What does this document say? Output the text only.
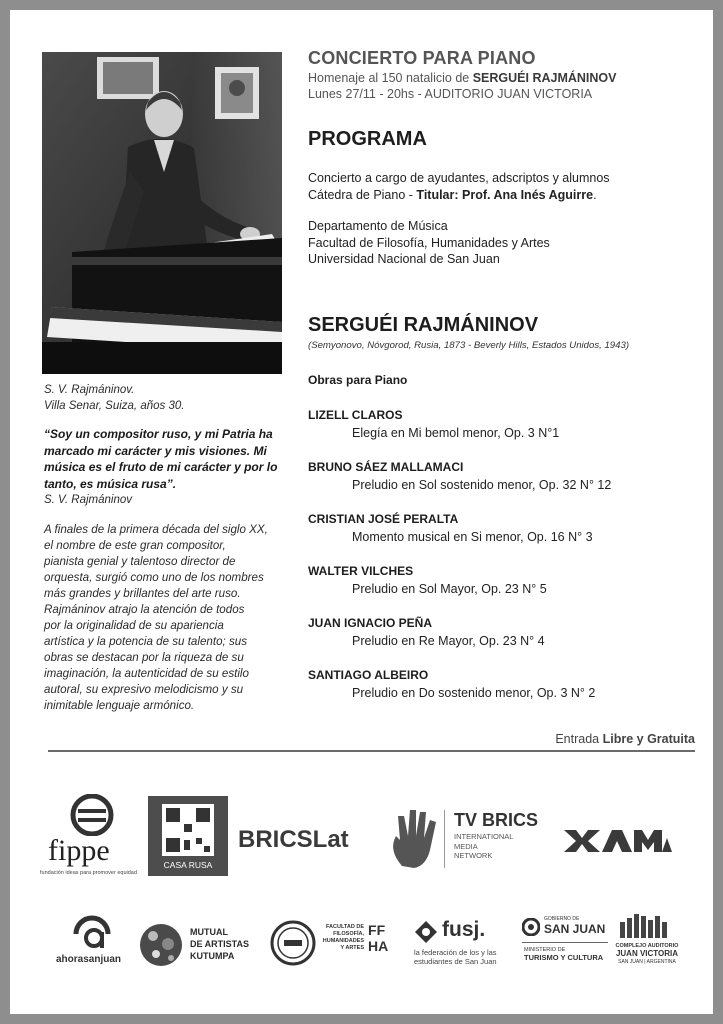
S. V. Rajmáninov.
Villa Senar, Suiza, años 30.
“Soy un compositor ruso, y mi Patria ha
marcado mi carácter y mis visiones. Mi
música es el fruto de mi carácter y por lo
tanto, es música rusa”.
S. V. Rajmáninov
A finales de la primera década del siglo XX,
el nombre de este gran compositor,
pianista genial y talentoso director de
orquesta, surgió como uno de los nombres
más grandes y brillantes del arte ruso.
Rajmáninov atrajo la atención de todos
por la originalidad de su apariencia
artística y la potencia de su talento; sus
obras se destacan por la riqueza de su
imaginación, la autenticidad de su estilo
autoral, su expresivo melodicismo y su
inimitable lenguaje armónico.
CONCIERTO PARA PIANO
Homenaje al 150 natalicio de SERGUÉI RAJMÁNINOV
Lunes 27/11 - 20hs - AUDITORIO JUAN VICTORIA
PROGRAMA
Concierto a cargo de ayudantes, adscriptos y alumnos
Cátedra de Piano - Titular: Prof. Ana Inés Aguirre.
Departamento de Música
Facultad de Filosofía, Humanidades y Artes
Universidad Nacional de San Juan
SERGUÉI RAJMÁNINOV
(Semyonovo, Nóvgorod, Rusia, 1873 - Beverly Hills, Estados Unidos, 1943)
Obras para Piano
LIZELL CLAROS
Elegía en Mi bemol menor, Op. 3 N°1
BRUNO SÁEZ MALLAMACI
Preludio en Sol sostenido menor, Op. 32 N° 12
CRISTIAN JOSÉ PERALTA
Momento musical en Si menor, Op. 16 N° 3
WALTER VILCHES
Preludio en Sol Mayor, Op. 23 N° 5
JUAN IGNACIO PEÑA
Preludio en Re Mayor, Op. 23 N° 4
SANTIAGO ALBEIRO
Preludio en Do sostenido menor, Op. 3 N° 2
Entrada Libre y Gratuita
fippe
fundación ideas para promover equidad
CASA RUSA
BRICSLat
TV BRICS
INTERNATIONAL
MEDIA
NETWORK
ahorasanjuan
MUTUAL
DE ARTISTAS
KUTUMPA
FACULTAD DE
FILOSOFÍA,
HUMANIDADES
Y ARTES
FF
HA
fusj.
la federación de los y las
estudiantes de San Juan
GOBIERNO DE
SAN JUAN
MINISTERIO DE
TURISMO Y CULTURA
COMPLEJO AUDITORIO
JUAN VICTORIA
SAN JUAN | ARGENTINA
